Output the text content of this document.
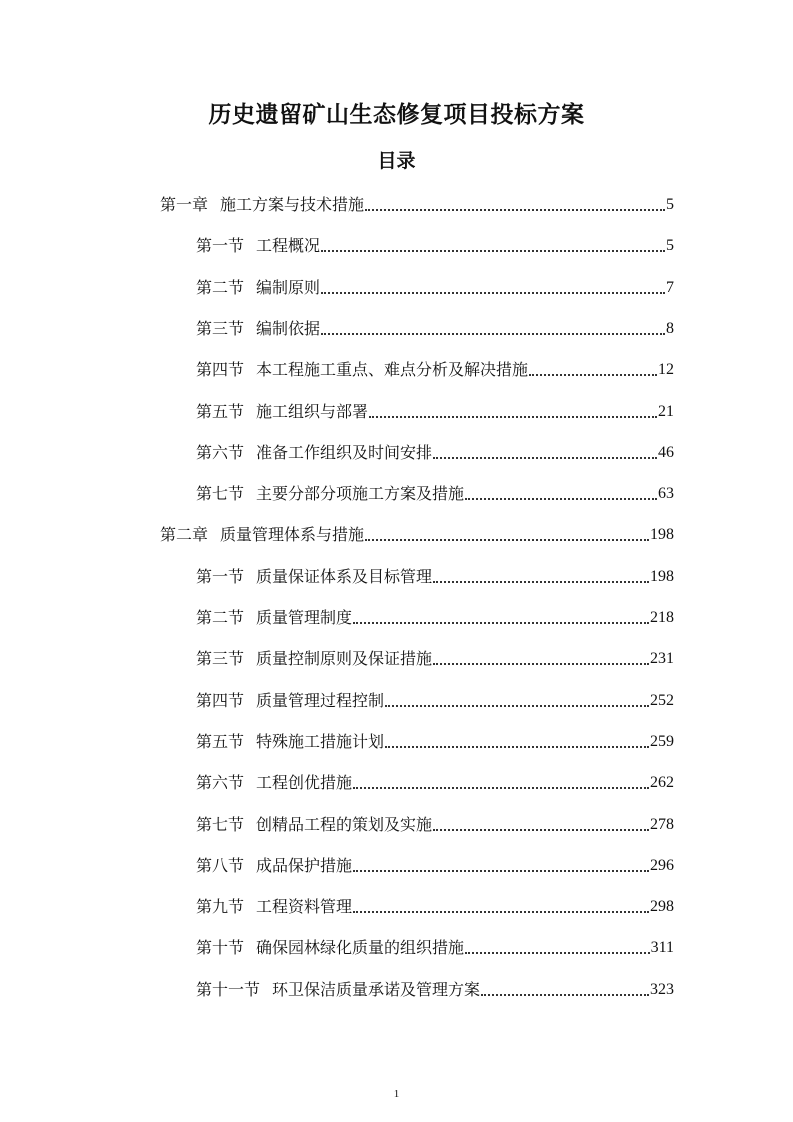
历史遗留矿山生态修复项目投标方案
目录
第一章 施工方案与技术措施	5
第一节 工程概况	5
第二节 编制原则	7
第三节 编制依据	8
第四节 本工程施工重点、难点分析及解决措施	12
第五节 施工组织与部署	21
第六节 准备工作组织及时间安排	46
第七节 主要分部分项施工方案及措施	63
第二章 质量管理体系与措施	198
第一节 质量保证体系及目标管理	198
第二节 质量管理制度	218
第三节 质量控制原则及保证措施	231
第四节 质量管理过程控制	252
第五节 特殊施工措施计划	259
第六节 工程创优措施	262
第七节 创精品工程的策划及实施	278
第八节 成品保护措施	296
第九节 工程资料管理	298
第十节 确保园林绿化质量的组织措施	311
第十一节 环卫保洁质量承诺及管理方案	323
1
